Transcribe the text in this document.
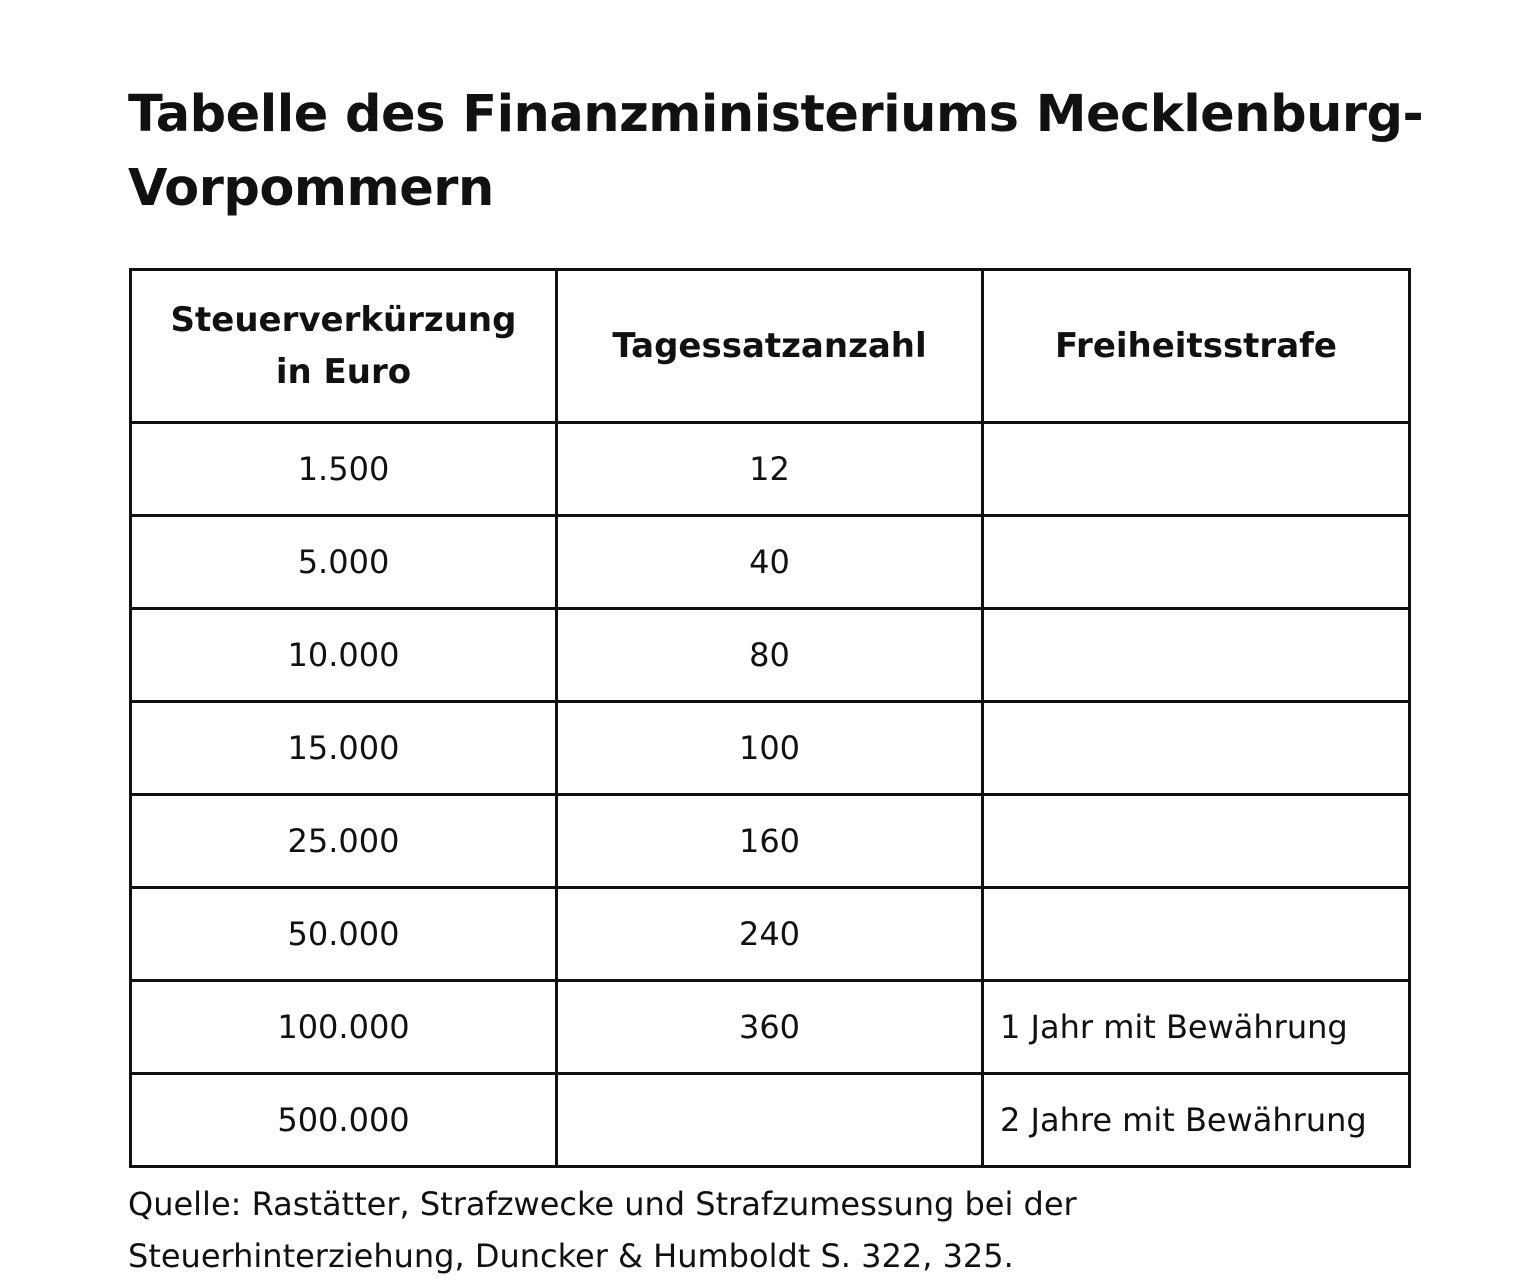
Tabelle des Finanzministeriums Mecklenburg-Vorpommern
Steuerverkürzung
in Euro	Tagessatzanzahl	Freiheitsstrafe
1.500	12	
5.000	40	
10.000	80	
15.000	100	
25.000	160	
50.000	240	
100.000	360	1 Jahr mit Bewährung
500.000		2 Jahre mit Bewährung

Quelle: Rastätter, Strafzwecke und Strafzumessung bei der
Steuerhinterziehung, Duncker & Humboldt S. 322, 325.
